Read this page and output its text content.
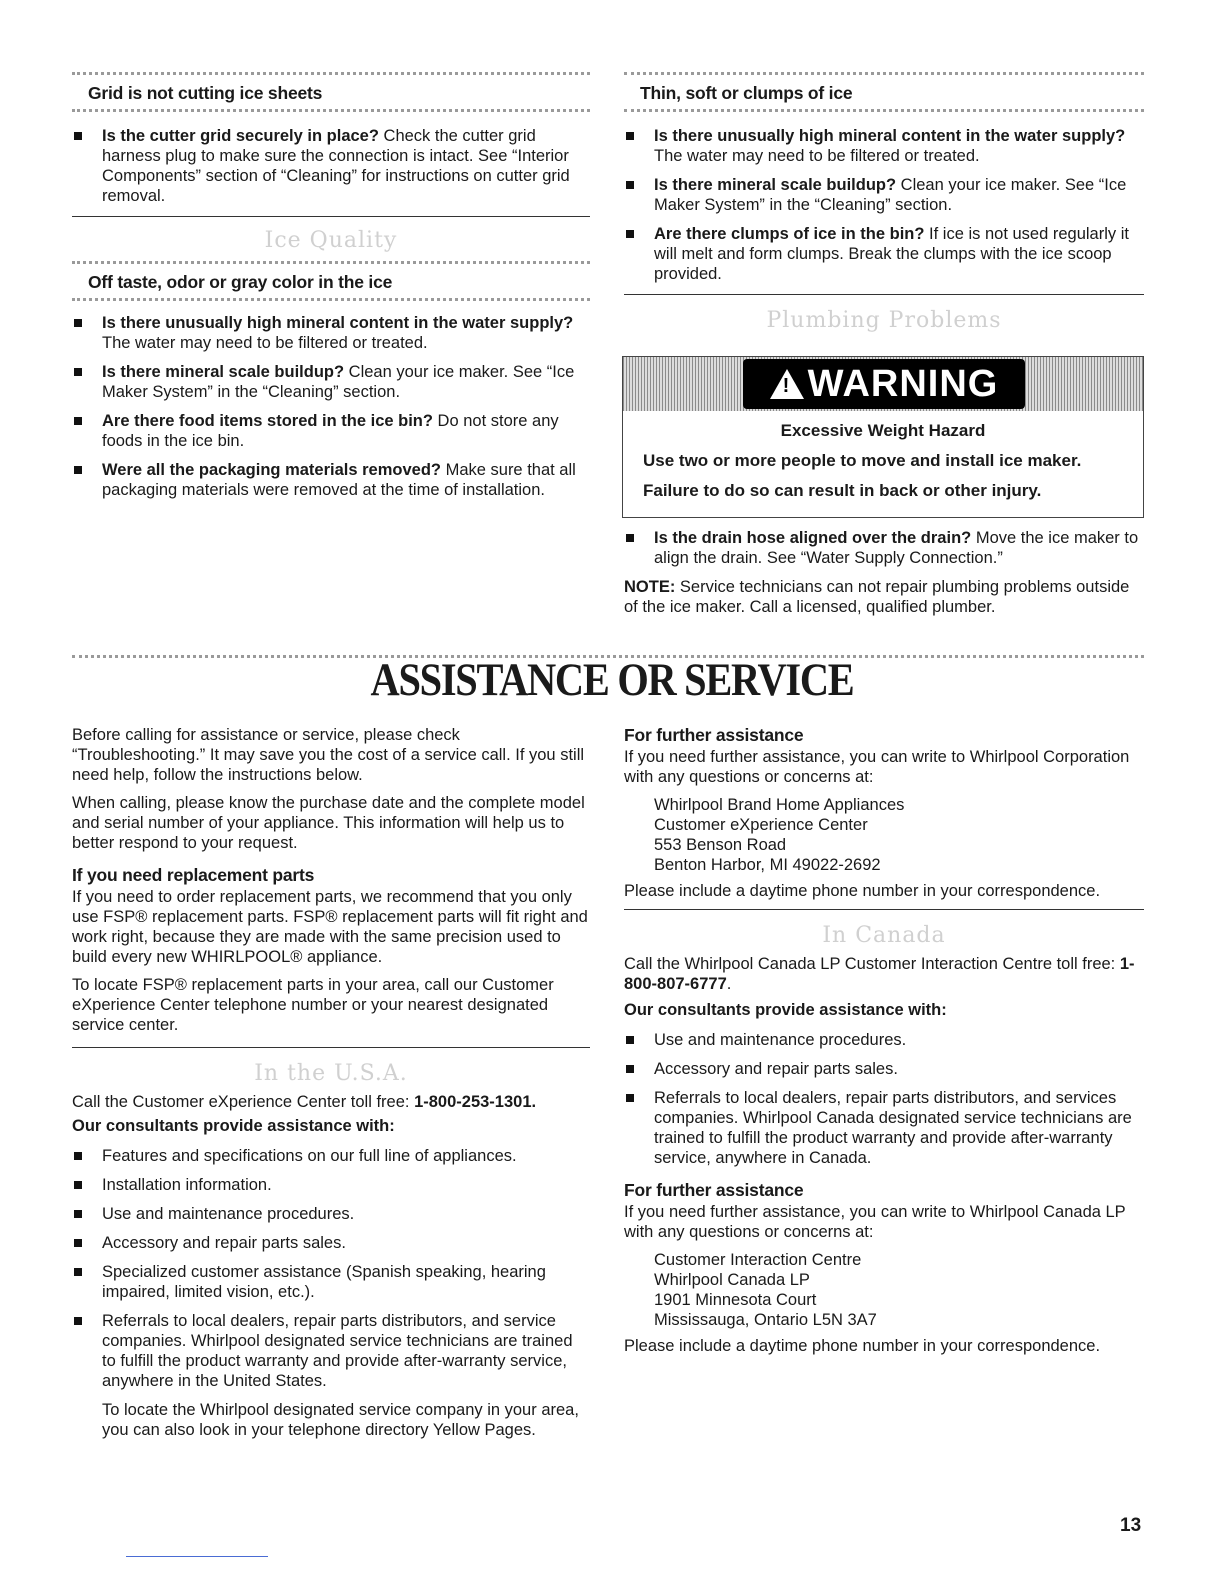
Grid is not cutting ice sheets
Is the cutter grid securely in place? Check the cutter grid harness plug to make sure the connection is intact. See “Interior Components” section of “Cleaning” for instructions on cutter grid removal.
Ice Quality
Off taste, odor or gray color in the ice
Is there unusually high mineral content in the water supply? The water may need to be filtered or treated.
Is there mineral scale buildup? Clean your ice maker. See “Ice Maker System” in the “Cleaning” section.
Are there food items stored in the ice bin? Do not store any foods in the ice bin.
Were all the packaging materials removed? Make sure that all packaging materials were removed at the time of installation.
Thin, soft or clumps of ice
Is there unusually high mineral content in the water supply? The water may need to be filtered or treated.
Is there mineral scale buildup? Clean your ice maker. See “Ice Maker System” in the “Cleaning” section.
Are there clumps of ice in the bin? If ice is not used regularly it will melt and form clumps. Break the clumps with the ice scoop provided.
Plumbing Problems
! WARNING
Excessive Weight Hazard
Use two or more people to move and install ice maker.
Failure to do so can result in back or other injury.
Is the drain hose aligned over the drain? Move the ice maker to align the drain. See “Water Supply Connection.”

NOTE: Service technicians can not repair plumbing problems outside of the ice maker. Call a licensed, qualified plumber.

ASSISTANCE OR SERVICE

Before calling for assistance or service, please check “Troubleshooting.” It may save you the cost of a service call. If you still need help, follow the instructions below.

When calling, please know the purchase date and the complete model and serial number of your appliance. This information will help us to better respond to your request.

If you need replacement parts

If you need to order replacement parts, we recommend that you only use FSP® replacement parts. FSP® replacement parts will fit right and work right, because they are made with the same precision used to build every new WHIRLPOOL® appliance.

To locate FSP® replacement parts in your area, call our Customer eXperience Center telephone number or your nearest designated service center.

In the U.S.A.

Call the Customer eXperience Center toll free: 1-800-253-1301.

Our consultants provide assistance with:

Features and specifications on our full line of appliances.
Installation information.
Use and maintenance procedures.
Accessory and repair parts sales.
Specialized customer assistance (Spanish speaking, hearing impaired, limited vision, etc.).
Referrals to local dealers, repair parts distributors, and service companies. Whirlpool designated service technicians are trained to fulfill the product warranty and provide after-warranty service, anywhere in the United States.

To locate the Whirlpool designated service company in your area, you can also look in your telephone directory Yellow Pages.

For further assistance

If you need further assistance, you can write to Whirlpool Corporation with any questions or concerns at:

Whirlpool Brand Home Appliances
Customer eXperience Center
553 Benson Road
Benton Harbor, MI 49022-2692

Please include a daytime phone number in your correspondence.

In Canada

Call the Whirlpool Canada LP Customer Interaction Centre toll free: 1-800-807-6777.

Our consultants provide assistance with:

Use and maintenance procedures.
Accessory and repair parts sales.
Referrals to local dealers, repair parts distributors, and services companies. Whirlpool Canada designated service technicians are trained to fulfill the product warranty and provide after-warranty service, anywhere in Canada.
For further assistance

If you need further assistance, you can write to Whirlpool Canada LP with any questions or concerns at:

Customer Interaction Centre
Whirlpool Canada LP
1901 Minnesota Court
Mississauga, Ontario L5N 3A7

Please include a daytime phone number in your correspondence.

13
